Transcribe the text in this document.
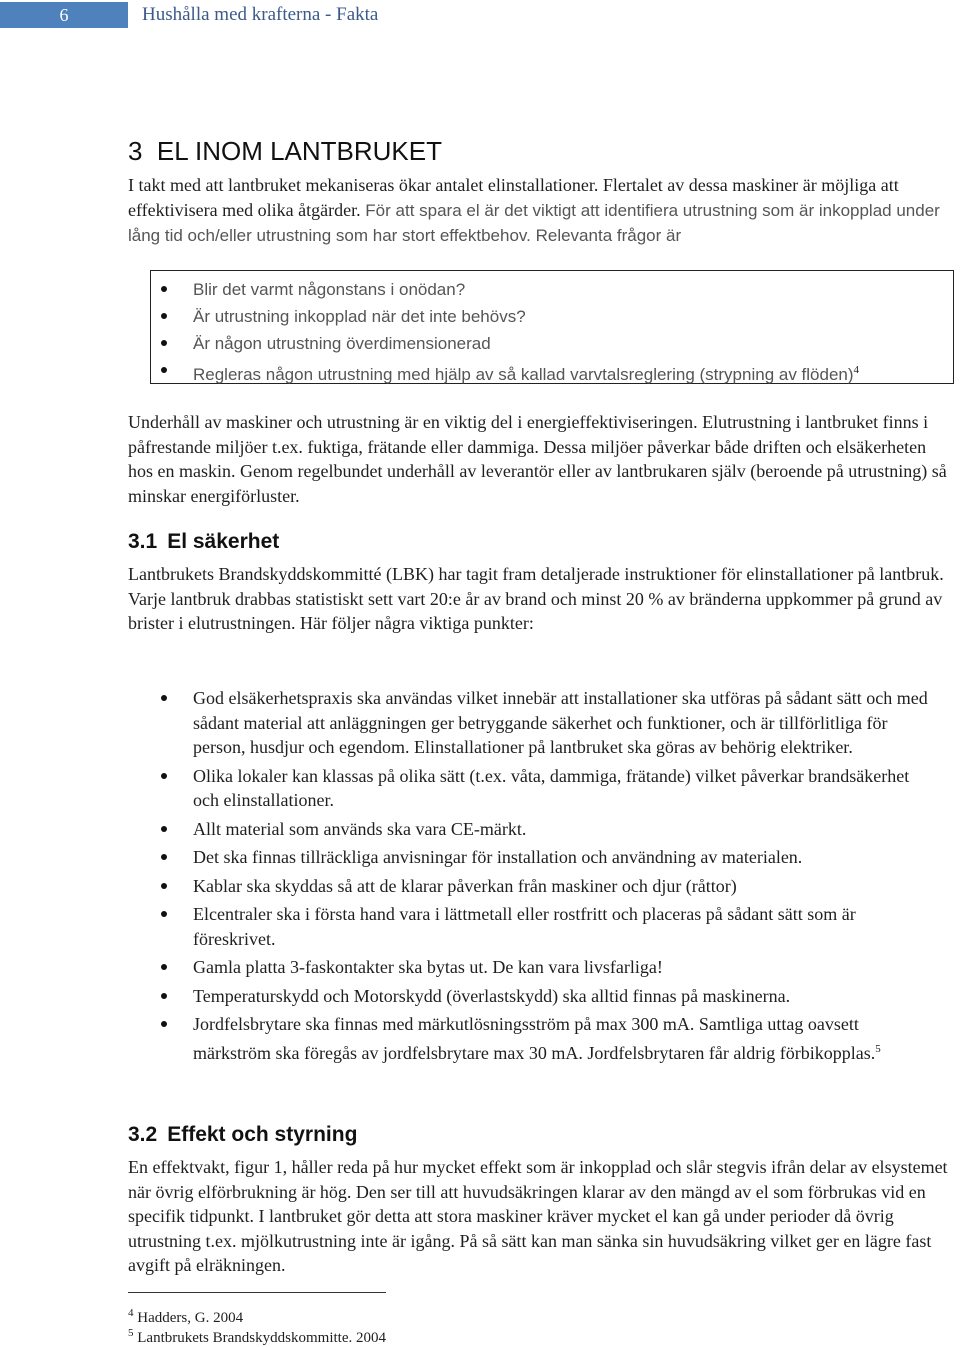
6	Hushålla med krafterna - Fakta
3  EL INOM LANTBRUKET
I takt med att lantbruket mekaniseras ökar antalet elinstallationer. Flertalet av dessa maskiner är möjliga att effektivisera med olika åtgärder. För att spara el är det viktigt att identifiera utrustning som är inkopplad under lång tid och/eller utrustning som har stort effektbehov. Relevanta frågor är
Blir det varmt någonstans i onödan?
Är utrustning inkopplad när det inte behövs?
Är någon utrustning överdimensionerad
Regleras någon utrustning med hjälp av så kallad varvtalsreglering (strypning av flöden)$^4$
Underhåll av maskiner och utrustning är en viktig del i energieffektiviseringen. Elutrustning i lantbruket finns i påfrestande miljöer t.ex. fuktiga, frätande eller dammiga. Dessa miljöer påverkar både driften och elsäkerheten hos en maskin. Genom regelbundet underhåll av leverantör eller av lantbrukaren själv (beroende på utrustning) så minskar energiförluster.
3.1 El säkerhet
Lantbrukets Brandskyddskommitté (LBK) har tagit fram detaljerade instruktioner för elinstallationer på lantbruk. Varje lantbruk drabbas statistiskt sett vart 20:e år av brand och minst 20 % av bränderna uppkommer på grund av brister i elutrustningen. Här följer några viktiga punkter:
God elsäkerhetspraxis ska användas vilket innebär att installationer ska utföras på sådant sätt och med sådant material att anläggningen ger betryggande säkerhet och funktioner, och är tillförlitliga för person, husdjur och egendom. Elinstallationer på lantbruket ska göras av behörig elektriker.
Olika lokaler kan klassas på olika sätt (t.ex. våta, dammiga, frätande) vilket påverkar brandsäkerhet och elinstallationer.
Allt material som används ska vara CE-märkt.
Det ska finnas tillräckliga anvisningar för installation och användning av materialen.
Kablar ska skyddas så att de klarar påverkan från maskiner och djur (råttor)
Elcentraler ska i första hand vara i lättmetall eller rostfritt och placeras på sådant sätt som är föreskrivet.
Gamla platta 3-faskontakter ska bytas ut. De kan vara livsfarliga!
Temperaturskydd och Motorskydd (överlastskydd) ska alltid finnas på maskinerna.
Jordfelsbrytare ska finnas med märkutlösningsström på max 300 mA. Samtliga uttag oavsett märkström ska föregås av jordfelsbrytare max 30 mA. Jordfelsbrytaren får aldrig förbikopplas.$^5$
3.2 Effekt och styrning
En effektvakt, figur 1, håller reda på hur mycket effekt som är inkopplad och slår stegvis ifrån delar av elsystemet när övrig elförbrukning är hög. Den ser till att huvudsäkringen klarar av den mängd av el som förbrukas vid en specifik tidpunkt. I lantbruket gör detta att stora maskiner kräver mycket el kan gå under perioder då övrig utrustning t.ex. mjölkutrustning inte är igång. På så sätt kan man sänka sin huvudsäkring vilket ger en lägre fast avgift på elräkningen.
$^4$ Hadders, G. 2004
$^5$ Lantbrukets Brandskyddskommitte. 2004
